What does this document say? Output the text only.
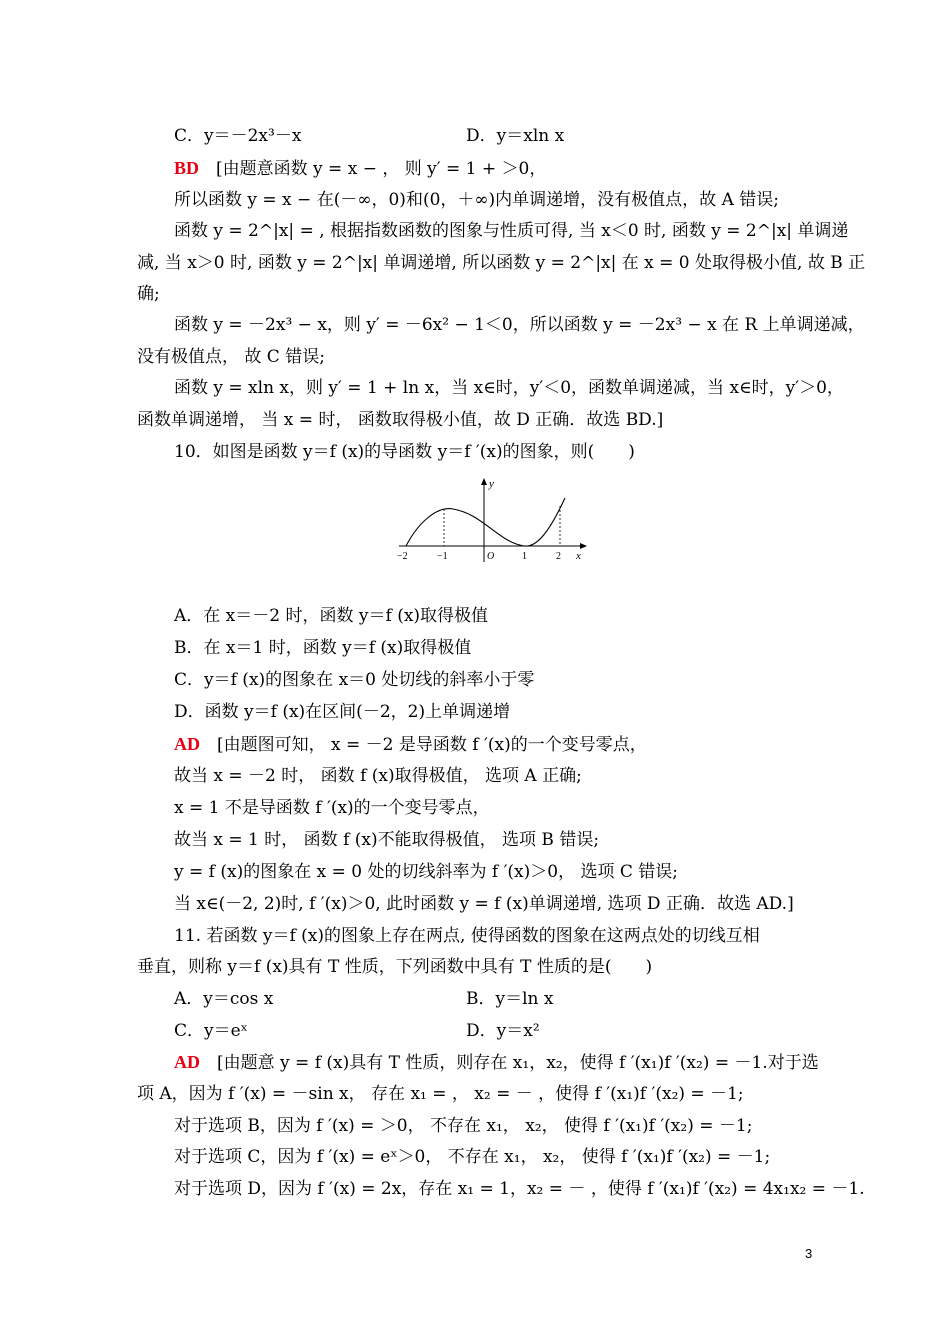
C．y＝－2x³－x	D．y＝xln x
BD　[由题意函数 y = x − ， 则 y′ = 1 + ＞0，
所以函数 y = x − 在(－∞，0)和(0，＋∞)内单调递增，没有极值点，故 A 错误;
函数 y = 2^|x| = , 根据指数函数的图象与性质可得, 当 x＜0 时, 函数 y = 2^|x| 单调递
减, 当 x＞0 时, 函数 y = 2^|x| 单调递增, 所以函数 y = 2^|x| 在 x = 0 处取得极小值, 故 B 正
确;
函数 y = －2x³ − x，则 y′ = －6x² − 1＜0，所以函数 y = －2x³ − x 在 R 上单调递减，
没有极值点， 故 C 错误;
函数 y = xln x，则 y′ = 1 + ln x，当 x∈时，y′＜0，函数单调递减，当 x∈时，y′＞0，
函数单调递增， 当 x = 时， 函数取得极小值，故 D 正确．故选 BD.]
10．如图是函数 y＝f (x)的导函数 y＝f ′(x)的图象，则(　　)
A．在 x＝－2 时，函数 y＝f (x)取得极值
B．在 x＝1 时，函数 y＝f (x)取得极值
C．y＝f (x)的图象在 x＝0 处切线的斜率小于零
D．函数 y＝f (x)在区间(－2，2)上单调递增
AD　[由题图可知， x = －2 是导函数 f ′(x)的一个变号零点，
故当 x = －2 时， 函数 f (x)取得极值， 选项 A 正确;
x = 1 不是导函数 f ′(x)的一个变号零点，
故当 x = 1 时， 函数 f (x)不能取得极值， 选项 B 错误;
y = f (x)的图象在 x = 0 处的切线斜率为 f ′(x)＞0， 选项 C 错误;
当 x∈(－2, 2)时, f ′(x)＞0, 此时函数 y = f (x)单调递增, 选项 D 正确．故选 AD.]
11. 若函数 y＝f (x)的图象上存在两点, 使得函数的图象在这两点处的切线互相
垂直，则称 y＝f (x)具有 T 性质，下列函数中具有 T 性质的是(　　)
A．y＝cos x	B．y＝ln x
C．y＝eˣ	D．y＝x²
AD　[由题意 y = f (x)具有 T 性质，则存在 x₁，x₂，使得 f ′(x₁)f ′(x₂) = －1.对于选
项 A，因为 f ′(x) = －sin x， 存在 x₁ = ， x₂ = － ，使得 f ′(x₁)f ′(x₂) = －1;
对于选项 B，因为 f ′(x) = ＞0， 不存在 x₁， x₂， 使得 f ′(x₁)f ′(x₂) = －1;
对于选项 C，因为 f ′(x) = eˣ＞0， 不存在 x₁， x₂， 使得 f ′(x₁)f ′(x₂) = －1;
对于选项 D，因为 f ′(x) = 2x，存在 x₁ = 1，x₂ = － ，使得 f ′(x₁)f ′(x₂) = 4x₁x₂ = －1.
y
x
O
−2	−1	1	2
3
